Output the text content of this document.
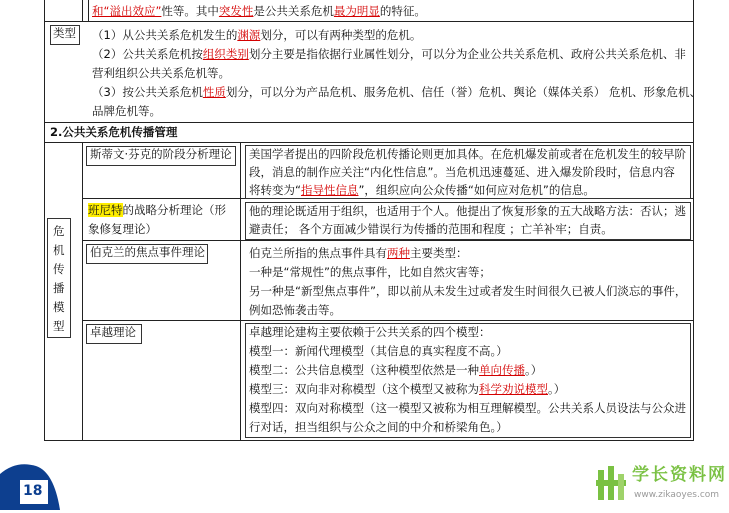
和“溢出效应”性等。其中突发性是公共关系危机最为明显的特征。
类型 （1）从公共关系危机发生的渊源划分，可以有两种类型的危机。
（2）公共关系危机按组织类别划分主要是指依据行业属性划分，可以分为企业公共关系危机、政府公共关系危机、非
营利组织公共关系危机等。
（3）按公共关系危机性质划分，可以分为产品危机、服务危机、信任（誉）危机、舆论（媒体关系） 危机、形象危机、
品牌危机等。
2.公共关系危机传播管理
危
机
传
播
模
型
斯蒂文·芬克的阶段分析理论 美国学者提出的四阶段危机传播论则更加具体。在危机爆发前或者在危机发生的较早阶
段，消息的制作应关注“内化性信息”。当危机迅速蔓延、进入爆发阶段时，信息内容
将转变为“指导性信息”，组织应向公众传播“如何应对危机”的信息。
班尼特的战略分析理论（形
象修复理论）
他的理论既适用于组织，也适用于个人。他提出了恢复形象的五大战略方法：否认；逃
避责任； 各个方面减少错误行为传播的范围和程度 ；亡羊补牢；自责。
伯克兰的焦点事件理论	伯克兰所指的焦点事件具有两种主要类型：
一种是“常规性”的焦点事件，比如自然灾害等；
另一种是“新型焦点事件”，即以前从未发生过或者发生时间很久已被人们淡忘的事件，
例如恐怖袭击等。
卓越理论	卓越理论建构主要依赖于公共关系的四个模型：
模型一：新闻代理模型（其信息的真实程度不高。）
模型二：公共信息模型（这种模型依然是一种单向传播。）
模型三：双向非对称模型（这个模型又被称为科学劝说模型。）
模型四：双向对称模型（这一模型又被称为相互理解模型。公共关系人员设法与公众进
行对话，担当组织与公众之间的中介和桥梁角色。）
18
学长资料网
www.zikaoyes.com
